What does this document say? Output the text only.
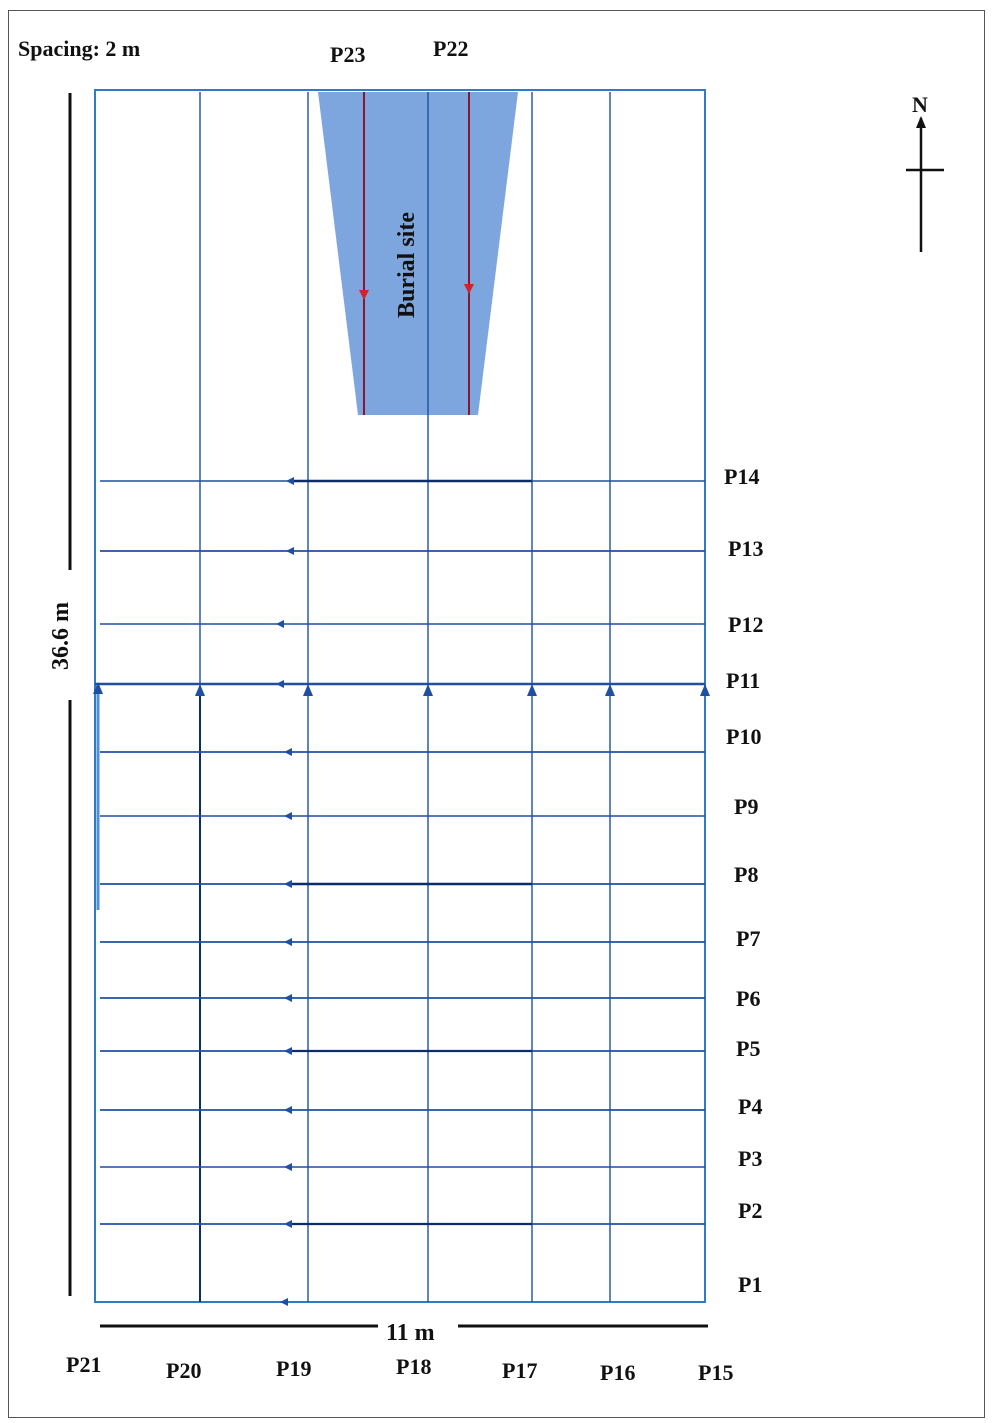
Spacing: 2 m
Burial site
P23	P22
P14
P13
P12
P11
P10
P9
P8
P7
P6
P5
P4
P3
P2
P1
36.6 m
11 m
P21	P20	P19	P18	P17	P16	P15
N
